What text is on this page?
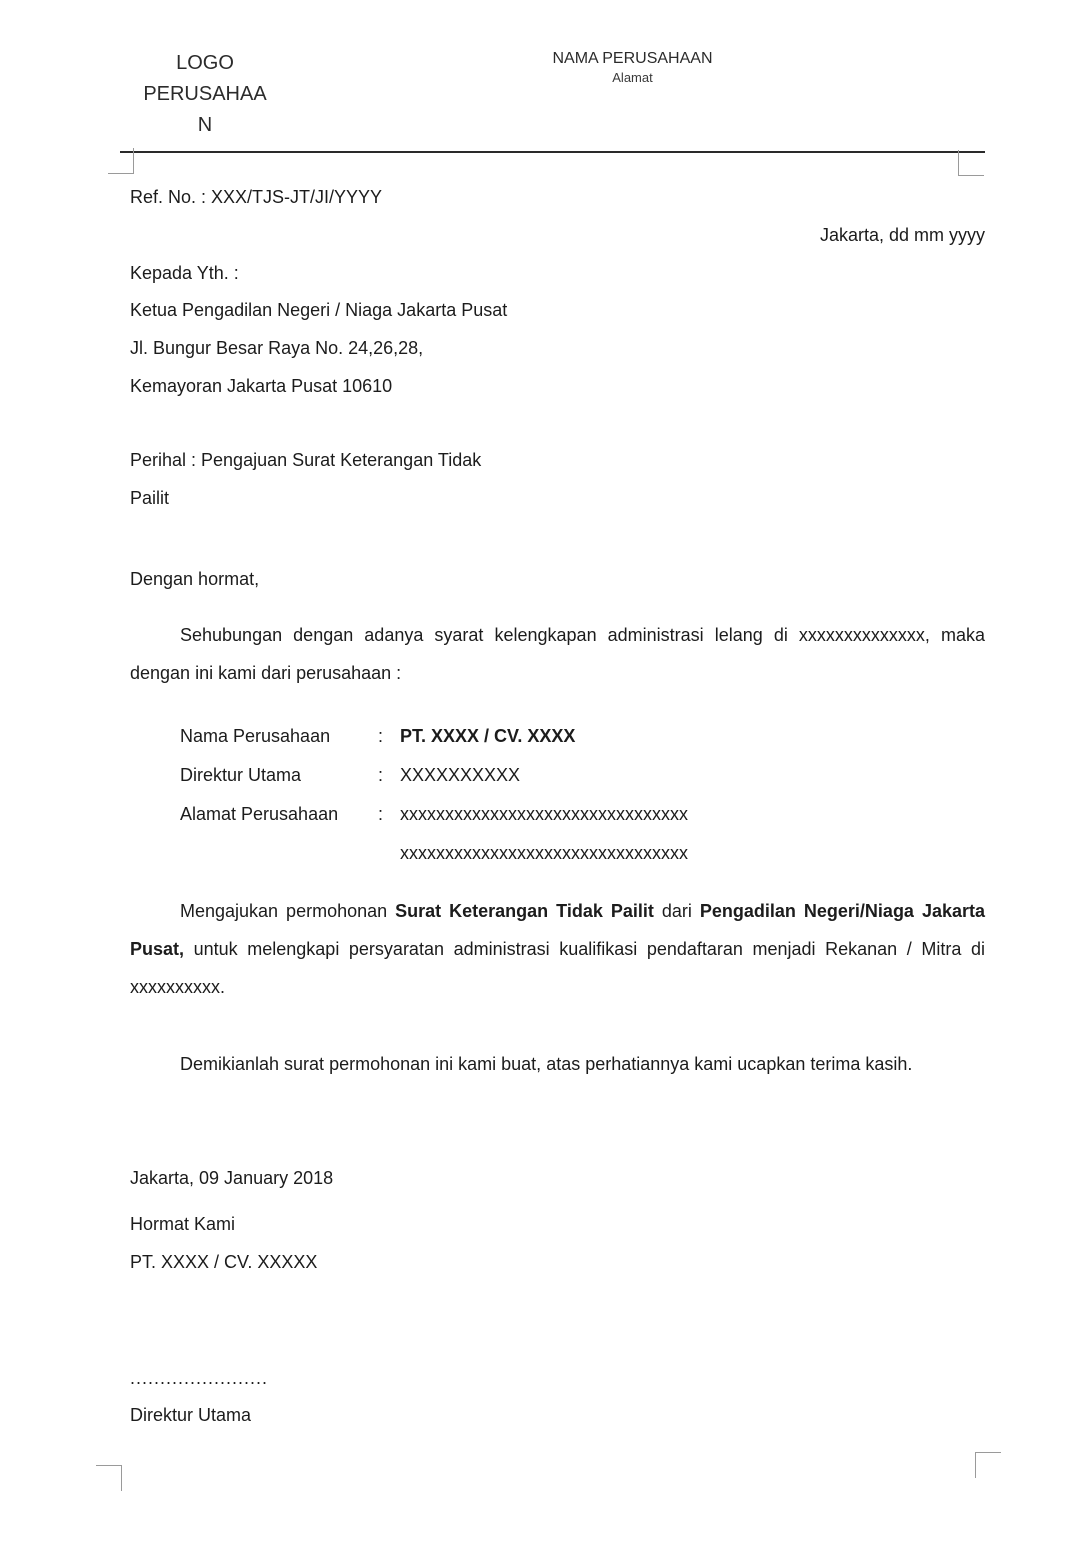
LOGO
PERUSAHAA
N
NAMA PERUSAHAAN
Alamat
Ref. No. : XXX/TJS-JT/JI/YYYY
Jakarta, dd mm yyyy
Kepada Yth. :
Ketua Pengadilan Negeri / Niaga Jakarta Pusat
Jl. Bungur Besar Raya No. 24,26,28,
Kemayoran Jakarta Pusat 10610
Perihal : Pengajuan Surat Keterangan Tidak
Pailit
Dengan hormat,

Sehubungan dengan adanya syarat kelengkapan administrasi lelang di xxxxxxxxxxxxxx, maka dengan ini kami dari perusahaan :

Nama Perusahaan	: PT. XXXX / CV. XXXX
Direktur Utama	: XXXXXXXXXX
Alamat Perusahaan	: xxxxxxxxxxxxxxxxxxxxxxxxxxxxxxxx
xxxxxxxxxxxxxxxxxxxxxxxxxxxxxxxx

Mengajukan permohonan Surat Keterangan Tidak Pailit dari Pengadilan Negeri/Niaga Jakarta Pusat, untuk melengkapi persyaratan administrasi kualifikasi pendaftaran menjadi Rekanan / Mitra di xxxxxxxxxx.

Demikianlah surat permohonan ini kami buat, atas perhatiannya kami ucapkan terima kasih.

Jakarta, 09 January 2018
Hormat Kami
PT. XXXX / CV. XXXXX
.......................
Direktur Utama
